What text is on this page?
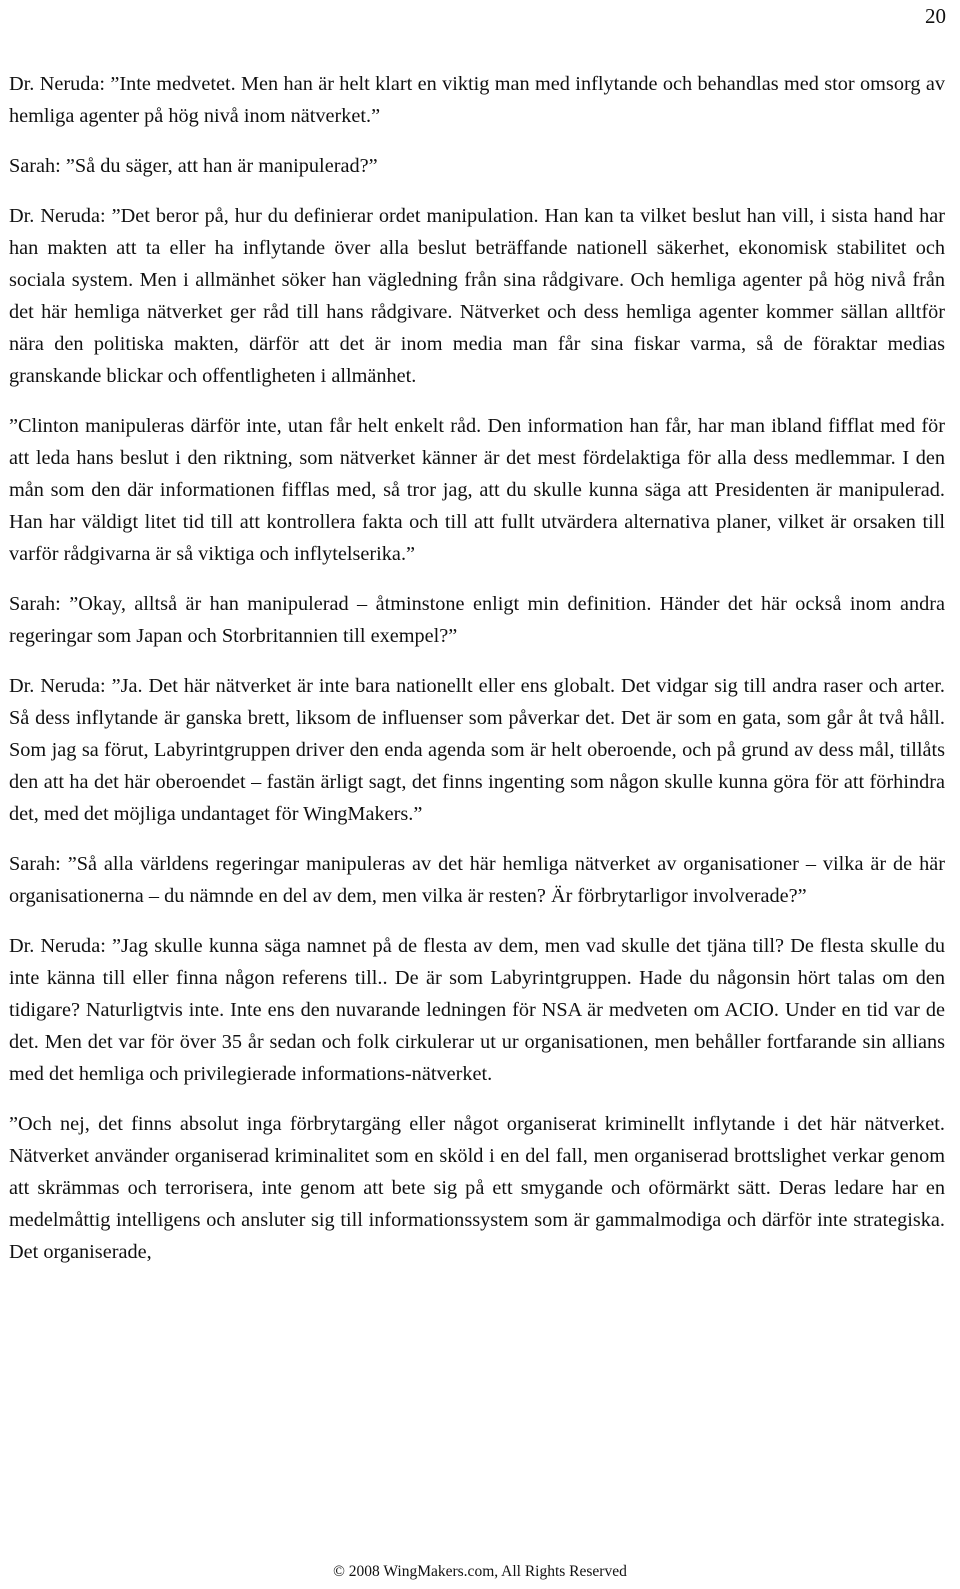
20

Dr. Neruda: ”Inte medvetet. Men han är helt klart en viktig man med inflytande och behandlas med stor omsorg av hemliga agenter på hög nivå inom nätverket.”

Sarah: ”Så du säger, att han är manipulerad?”

Dr. Neruda: ”Det beror på, hur du definierar ordet manipulation. Han kan ta vilket beslut han vill, i sista hand har han makten att ta eller ha inflytande över alla beslut beträffande nationell säkerhet, ekonomisk stabilitet och sociala system. Men i allmänhet söker han vägledning från sina rådgivare. Och hemliga agenter på hög nivå från det här hemliga nätverket ger råd till hans rådgivare. Nätverket och dess hemliga agenter kommer sällan alltför nära den politiska makten, därför att det är inom media man får sina fiskar varma, så de föraktar medias granskande blickar och offentligheten i allmänhet.

”Clinton manipuleras därför inte, utan får helt enkelt råd. Den information han får, har man ibland fifflat med för att leda hans beslut i den riktning, som nätverket känner är det mest fördelaktiga för alla dess medlemmar. I den mån som den där informationen fifflas med, så tror jag, att du skulle kunna säga att Presidenten är manipulerad. Han har väldigt litet tid till att kontrollera fakta och till att fullt utvärdera alternativa planer, vilket är orsaken till varför rådgivarna är så viktiga och inflytelserika.”

Sarah: ”Okay, alltså är han manipulerad – åtminstone enligt min definition. Händer det här också inom andra regeringar som Japan och Storbritannien till exempel?”

Dr. Neruda: ”Ja. Det här nätverket är inte bara nationellt eller ens globalt. Det vidgar sig till andra raser och arter. Så dess inflytande är ganska brett, liksom de influenser som påverkar det. Det är som en gata, som går åt två håll. Som jag sa förut, Labyrintgruppen driver den enda agenda som är helt oberoende, och på grund av dess mål, tillåts den att ha det här oberoendet – fastän ärligt sagt, det finns ingenting som någon skulle kunna göra för att förhindra det, med det möjliga undantaget för WingMakers.”

Sarah: ”Så alla världens regeringar manipuleras av det här hemliga nätverket av organisationer – vilka är de här organisationerna – du nämnde en del av dem, men vilka är resten? Är förbrytarligor involverade?”

Dr. Neruda: ”Jag skulle kunna säga namnet på de flesta av dem, men vad skulle det tjäna till? De flesta skulle du inte känna till eller finna någon referens till.. De är som Labyrintgruppen. Hade du någonsin hört talas om den tidigare? Naturligtvis inte. Inte ens den nuvarande ledningen för NSA är medveten om ACIO. Under en tid var de det. Men det var för över 35 år sedan och folk cirkulerar ut ur organisationen, men behåller fortfarande sin allians med det hemliga och privilegierade informations-nätverket.

”Och nej, det finns absolut inga förbrytargäng eller något organiserat kriminellt inflytande i det här nätverket. Nätverket använder organiserad kriminalitet som en sköld i en del fall, men organiserad brottslighet verkar genom att skrämmas och terrorisera, inte genom att bete sig på ett smygande och oförmärkt sätt. Deras ledare har en medelmåttig intelligens och ansluter sig till informationssystem som är gammalmodiga och därför inte strategiska. Det organiserade,

© 2008 WingMakers.com, All Rights Reserved
